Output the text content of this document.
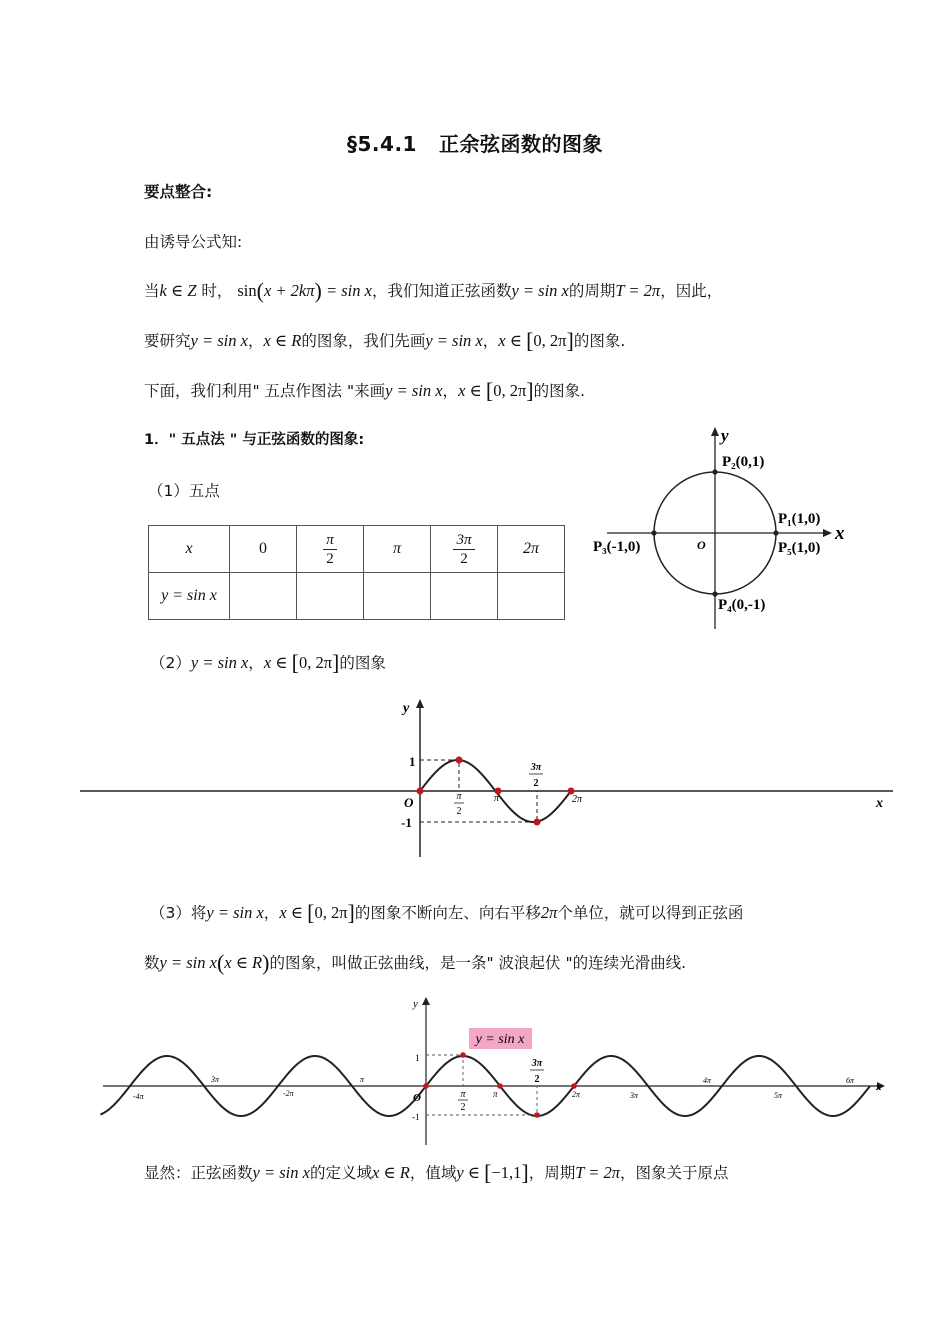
§5.4.1 正余弦函数的图象
要点整合:
由诱导公式知:
当k ∈ Z 时， sin(x + 2kπ) = sin x，我们知道正弦函数y = sin x的周期T = 2π，因此，
要研究y = sin x，x ∈ R的图象，我们先画y = sin x，x ∈ [0, 2π]的图象.
下面，我们利用" 五点作图法 "来画y = sin x，x ∈ [0, 2π]的图象.
1．" 五点法 " 与正弦函数的图象:
（1）五点
x	0	$\frac{\pi}{2}$	π	$\frac{3\pi}{2}$	2π
y = sin x					
y
x
O
P₂(0,1)
P₁(1,0)
P₃(-1,0)	P₅(1,0)
P₄(0,-1)
（2）y = sin x，x ∈ [0, 2π]的图象
y
x
O
1
-1
π
2
π
3π
2
2π
（3）将y = sin x，x ∈ [0, 2π]的图象不断向左、向右平移2π个单位，就可以得到正弦函
数y = sin x(x ∈ R)的图象，叫做正弦曲线，是一条" 波浪起伏 "的连续光滑曲线.
y = sin x
y
x
O
1
-1
-4π
3π
-2π
π
π
2
π
3π
2
2π	3π
4π
5π
6π
显然：正弦函数y = sin x的定义域x ∈ R，值域y ∈ [−1,1]，周期T = 2π，图象关于原点
